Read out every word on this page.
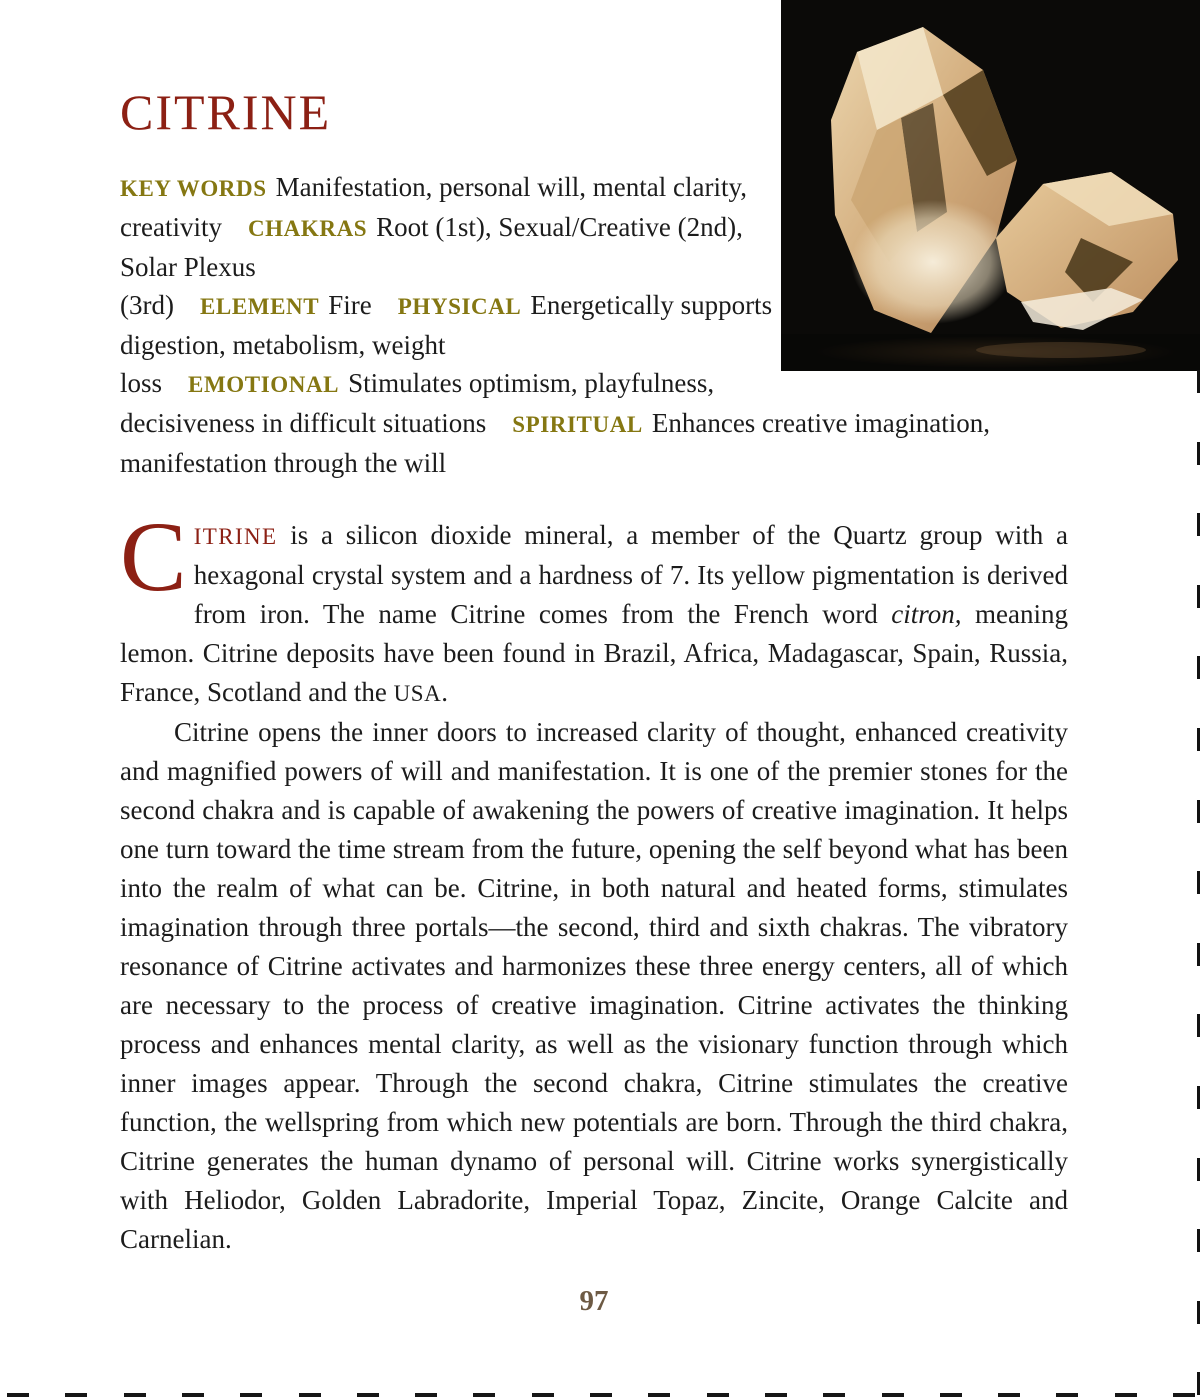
CITRINE
KEY WORDS Manifestation, personal will, mental clarity, creativity CHAKRAS Root (1st), Sexual/Creative (2nd), Solar Plexus (3rd) ELEMENT Fire PHYSICAL Energetically supports digestion, metabolism, weight loss EMOTIONAL Stimulates optimism, playfulness, decisiveness in difficult situations SPIRITUAL Enhances creative imagination, manifestation through the will

CITRINE is a silicon dioxide mineral, a member of the Quartz group with a hexagonal crystal system and a hardness of 7. Its yellow pigmentation is derived from iron. The name Citrine comes from the French word citron, meaning lemon. Citrine deposits have been found in Brazil, Africa, Madagascar, Spain, Russia, France, Scotland and the USA.

Citrine opens the inner doors to increased clarity of thought, enhanced creativity and magnified powers of will and manifestation. It is one of the premier stones for the second chakra and is capable of awakening the powers of creative imagination. It helps one turn toward the time stream from the future, opening the self beyond what has been into the realm of what can be. Citrine, in both natural and heated forms, stimulates imagination through three portals—the second, third and sixth chakras. The vibratory resonance of Citrine activates and harmonizes these three energy centers, all of which are necessary to the process of creative imagination. Citrine activates the thinking process and enhances mental clarity, as well as the visionary function through which inner images appear. Through the second chakra, Citrine stimulates the creative function, the wellspring from which new potentials are born. Through the third chakra, Citrine generates the human dynamo of personal will. Citrine works synergistically with Heliodor, Golden Labradorite, Imperial Topaz, Zincite, Orange Calcite and Carnelian.

97
